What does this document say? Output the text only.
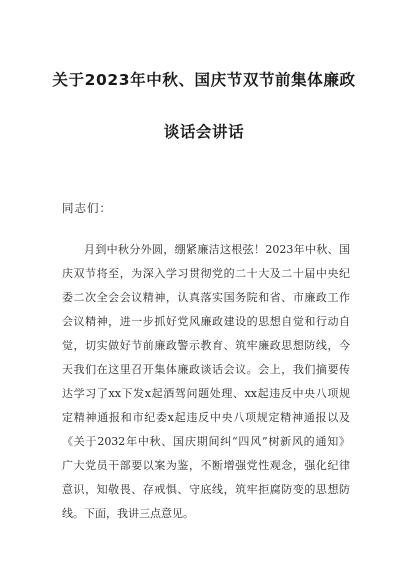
关于2023年中秋、国庆节双节前集体廉政
谈话会讲话
同志们：
月到中秋分外圆，绷紧廉洁这根弦！2023年中秋、国
庆双节将至，为深入学习贯彻党的二十大及二十届中央纪
委二次全会会议精神，认真落实国务院和省、市廉政工作
会议精神，进一步抓好党风廉政建设的思想自觉和行动自
觉，切实做好节前廉政警示教育、筑牢廉政思想防线，今
天我们在这里召开集体廉政谈话会议。会上，我们摘要传
达学习了xx下发x起酒驾问题处理、xx起违反中央八项规
定精神通报和市纪委x起违反中央八项规定精神通报以及
《关于2032年中秋、国庆期间纠“四风”树新风的通知》
广大党员干部要以案为鉴，不断增强党性观念，强化纪律
意识，知敬畏、存戒惧、守底线，筑牢拒腐防变的思想防
线。下面，我讲三点意见。
